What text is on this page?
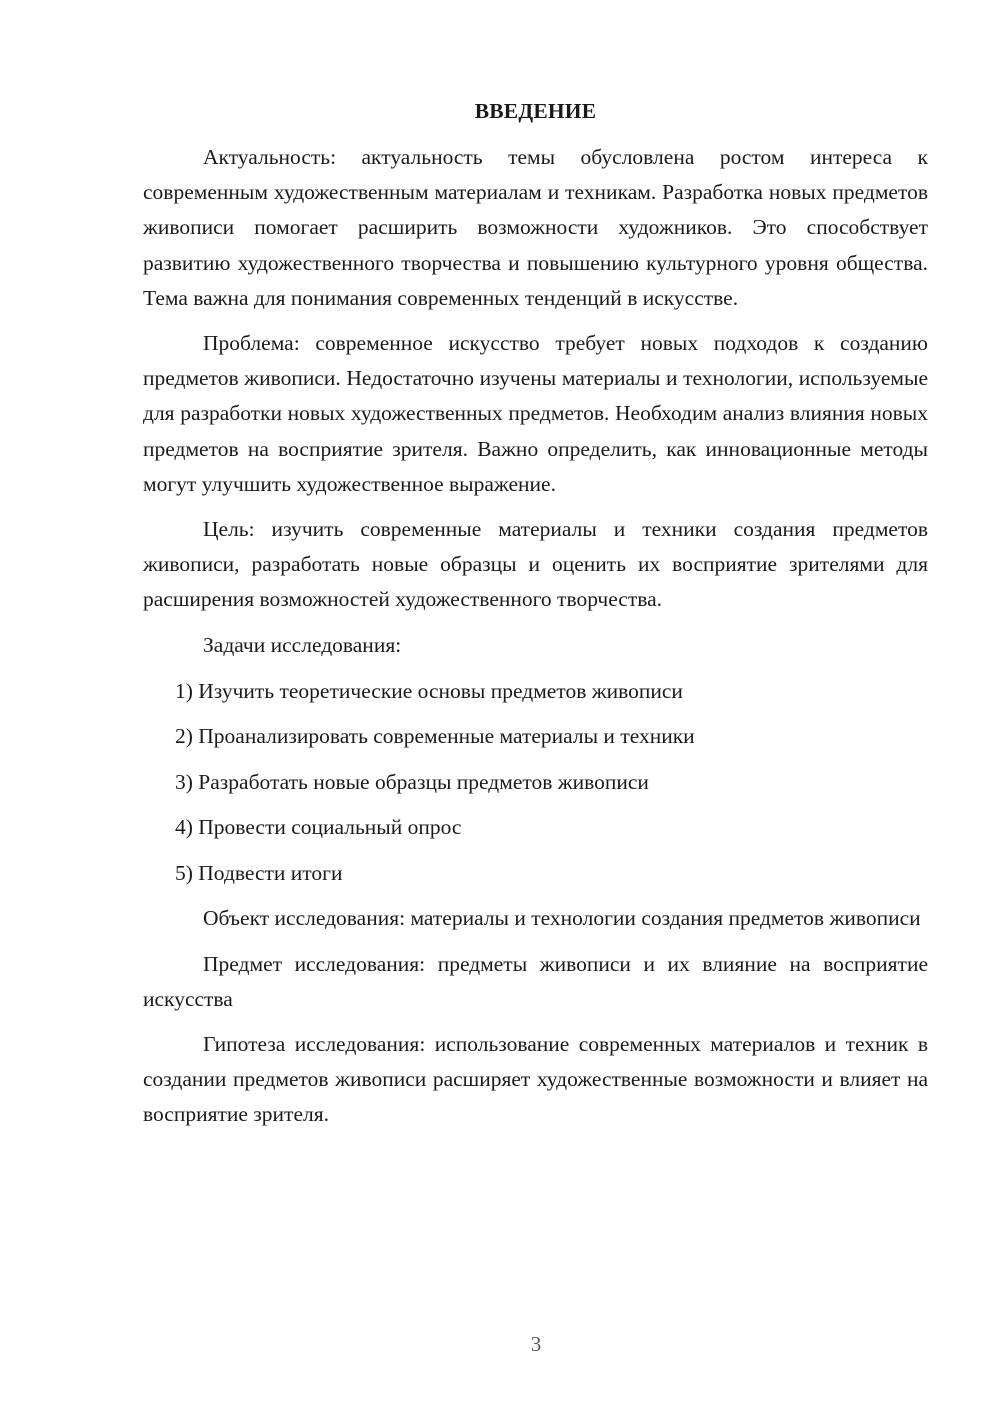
ВВЕДЕНИЕ

Актуальность: актуальность темы обусловлена ростом интереса к современным художественным материалам и техникам. Разработка новых предметов живописи помогает расширить возможности художников. Это способствует развитию художественного творчества и повышению культурного уровня общества. Тема важна для понимания современных тенденций в искусстве.

Проблема: современное искусство требует новых подходов к созданию предметов живописи. Недостаточно изучены материалы и технологии, используемые для разработки новых художественных предметов. Необходим анализ влияния новых предметов на восприятие зрителя. Важно определить, как инновационные методы могут улучшить художественное выражение.

Цель: изучить современные материалы и техники создания предметов живописи, разработать новые образцы и оценить их восприятие зрителями для расширения возможностей художественного творчества.

Задачи исследования:

1) Изучить теоретические основы предметов живописи
2) Проанализировать современные материалы и техники
3) Разработать новые образцы предметов живописи
4) Провести социальный опрос
5) Подвести итоги

Объект исследования: материалы и технологии создания предметов живописи

Предмет исследования: предметы живописи и их влияние на восприятие искусства

Гипотеза исследования: использование современных материалов и техник в создании предметов живописи расширяет художественные возможности и влияет на восприятие зрителя.

3
